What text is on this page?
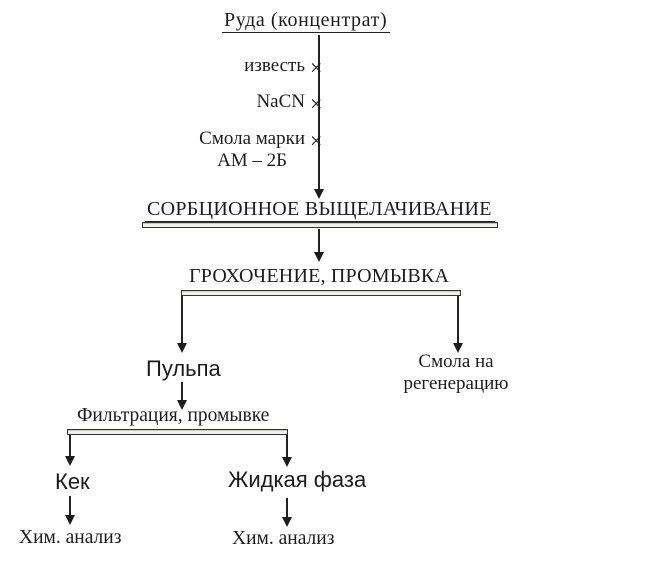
Руда (концентрат)
×
×
×
известь
NaCN
Смола марки
АМ – 2Б
СОРБЦИОННОЕ ВЫЩЕЛАЧИВАНИЕ
ГРОХОЧЕНИЕ, ПРОМЫВКА
Пульпа	Смола на
регенерацию
Фильтрация, промывке
Кек	Жидкая фаза
Хим. анализ	Хим. анализ
